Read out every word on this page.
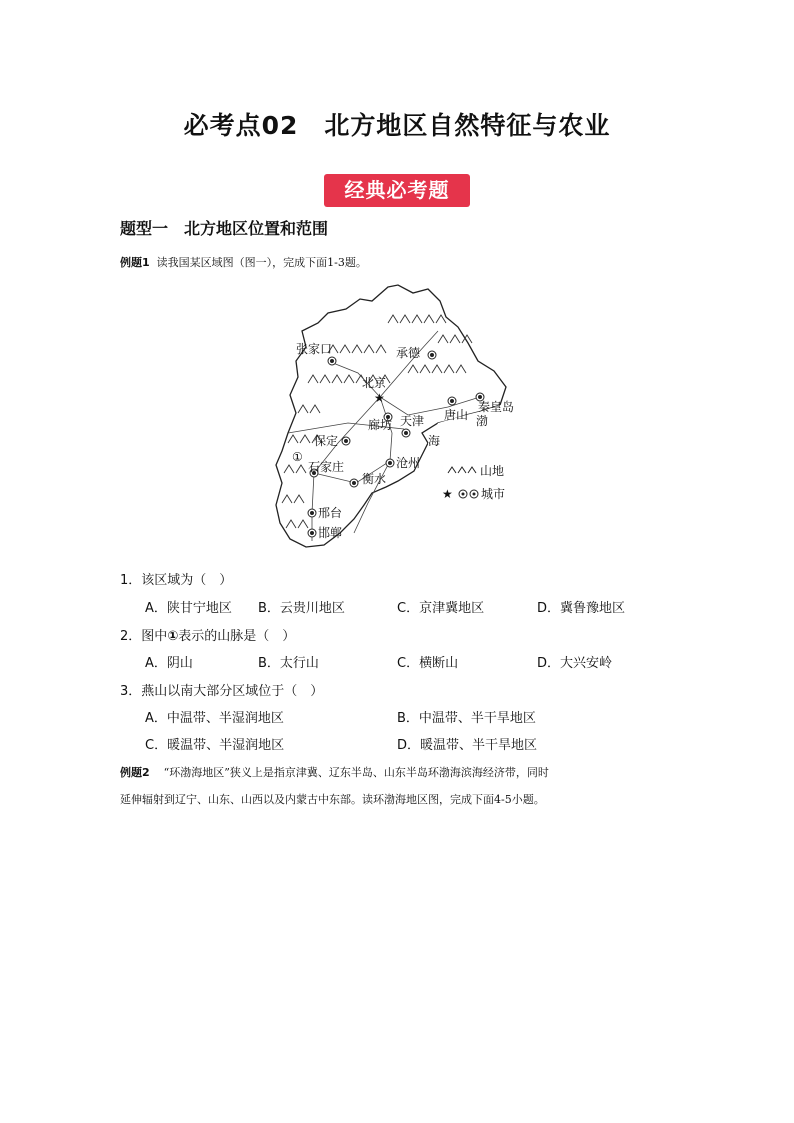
必考点02　北方地区自然特征与农业
经典必考题
题型一　北方地区位置和范围
例题1 读我国某区域图（图一），完成下面1-3题。
★
张家口	承德
北京
天津 唐山
秦皇岛
廊坊
保定
石家庄
衡水
沧州
邢台
邯郸
渤
海
①
山地
★ 城市
1．该区域为（　）
A．陕甘宁地区 B．云贵川地区	C．京津冀地区	D．冀鲁豫地区
2．图中①表示的山脉是（　）
A．阴山	B．太行山	C．横断山	D．大兴安岭
3．燕山以南大部分区域位于（　）
A．中温带、半湿润地区	B．中温带、半干旱地区
C．暖温带、半湿润地区	D．暖温带、半干旱地区
例题2 “环渤海地区”狭义上是指京津冀、辽东半岛、山东半岛环渤海滨海经济带，同时
延伸辐射到辽宁、山东、山西以及内蒙古中东部。读环渤海地区图，完成下面4-5小题。
